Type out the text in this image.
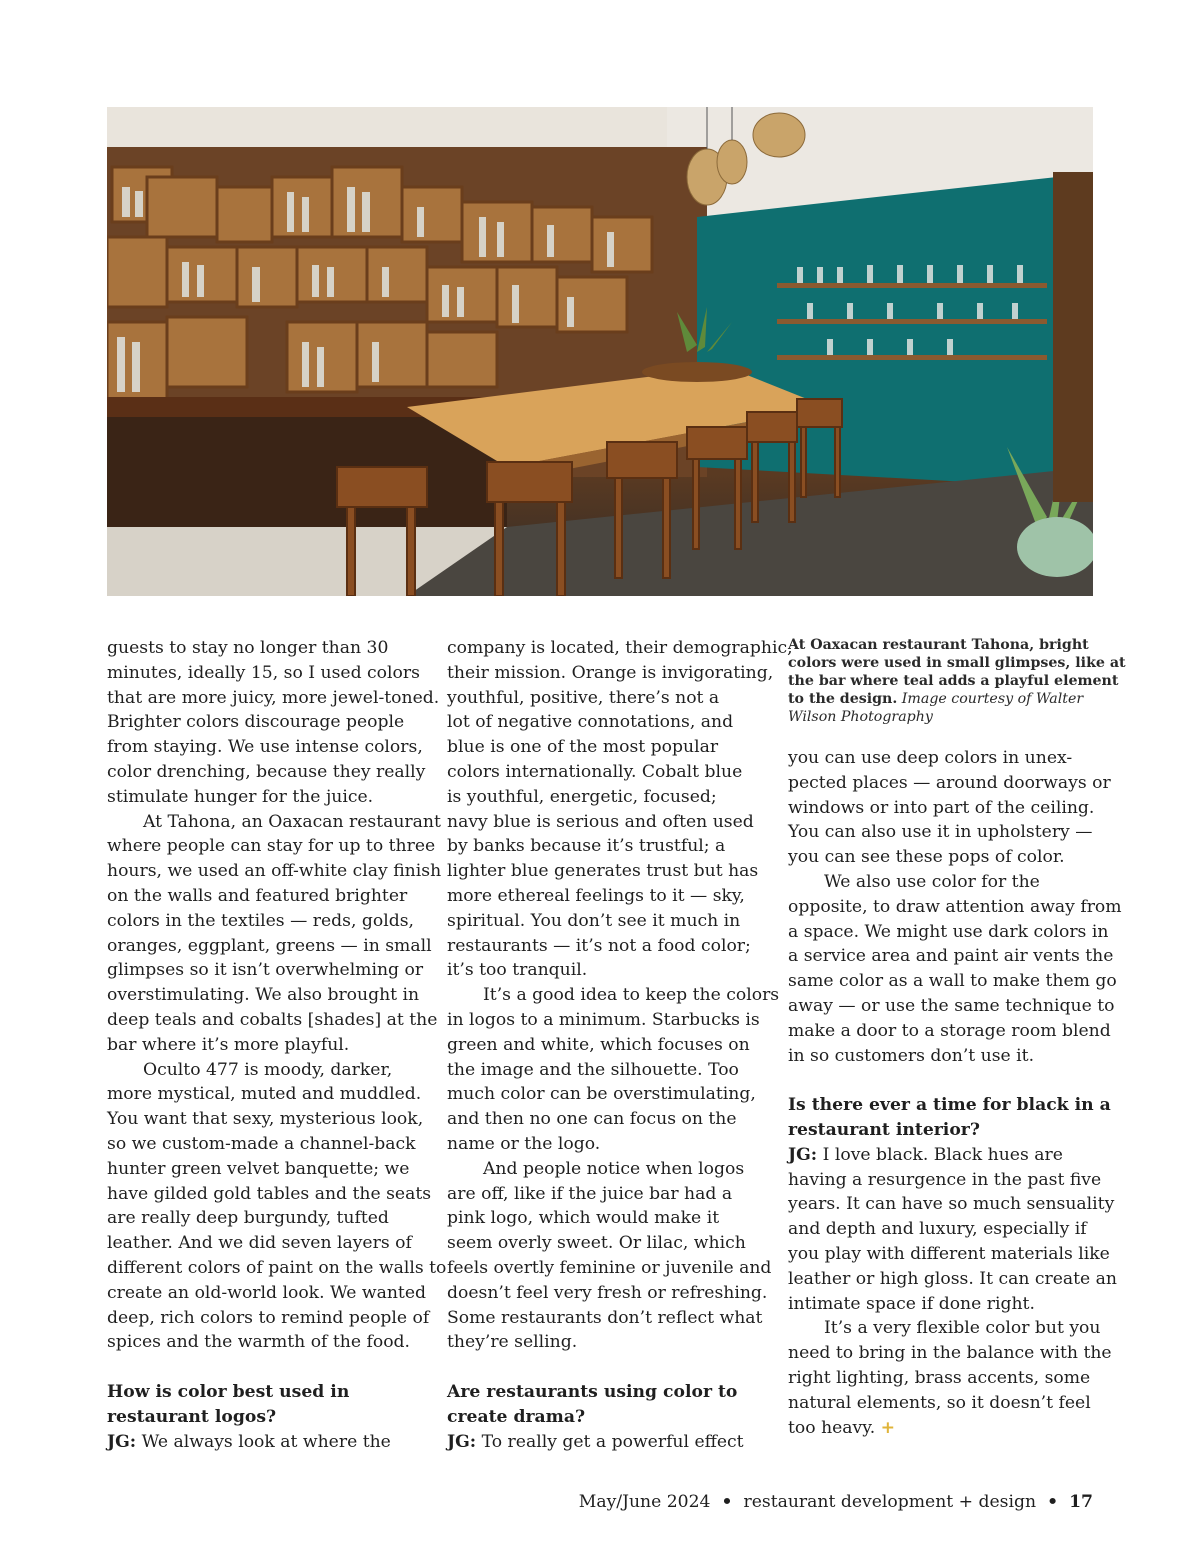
guests to stay no longer than 30
minutes, ideally 15, so I used colors
that are more juicy, more jewel-toned.
Brighter colors discourage people
from staying. We use intense colors,
color drenching, because they really
stimulate hunger for the juice.

At Tahona, an Oaxacan restaurant
where people can stay for up to three
hours, we used an off-white clay finish
on the walls and featured brighter
colors in the textiles — reds, golds,
oranges, eggplant, greens — in small
glimpses so it isn’t overwhelming or
overstimulating. We also brought in
deep teals and cobalts [shades] at the
bar where it’s more playful.

Oculto 477 is moody, darker,
more mystical, muted and muddled.
You want that sexy, mysterious look,
so we custom-made a channel-back
hunter green velvet banquette; we
have gilded gold tables and the seats
are really deep burgundy, tufted
leather. And we did seven layers of
different colors of paint on the walls to
create an old-world look. We wanted
deep, rich colors to remind people of
spices and the warmth of the food.

How is color best used in
restaurant logos?

JG: We always look at where the

company is located, their demographic,
their mission. Orange is invigorating,
youthful, positive, there’s not a
lot of negative connotations, and
blue is one of the most popular
colors internationally. Cobalt blue
is youthful, energetic, focused;
navy blue is serious and often used
by banks because it’s trustful; a
lighter blue generates trust but has
more ethereal feelings to it — sky,
spiritual. You don’t see it much in
restaurants — it’s not a food color;
it’s too tranquil.

It’s a good idea to keep the colors
in logos to a minimum. Starbucks is
green and white, which focuses on
the image and the silhouette. Too
much color can be overstimulating,
and then no one can focus on the
name or the logo.

And people notice when logos
are off, like if the juice bar had a
pink logo, which would make it
seem overly sweet. Or lilac, which
feels overtly feminine or juvenile and
doesn’t feel very fresh or refreshing.
Some restaurants don’t reflect what
they’re selling.

Are restaurants using color to
create drama?

JG: To really get a powerful effect

At Oaxacan restaurant Tahona, bright
colors were used in small glimpses, like at
the bar where teal adds a playful element
to the design. Image courtesy of Walter
Wilson Photography

you can use deep colors in unex-
pected places — around doorways or
windows or into part of the ceiling.
You can also use it in upholstery —
you can see these pops of color.

We also use color for the
opposite, to draw attention away from
a space. We might use dark colors in
a service area and paint air vents the
same color as a wall to make them go
away — or use the same technique to
make a door to a storage room blend
in so customers don’t use it.

Is there ever a time for black in a
restaurant interior?

JG: I love black. Black hues are
having a resurgence in the past five
years. It can have so much sensuality
and depth and luxury, especially if
you play with different materials like
leather or high gloss. It can create an
intimate space if done right.

It’s a very flexible color but you
need to bring in the balance with the
right lighting, brass accents, some
natural elements, so it doesn’t feel
too heavy. +

May/June 2024 • restaurant development + design • 17
